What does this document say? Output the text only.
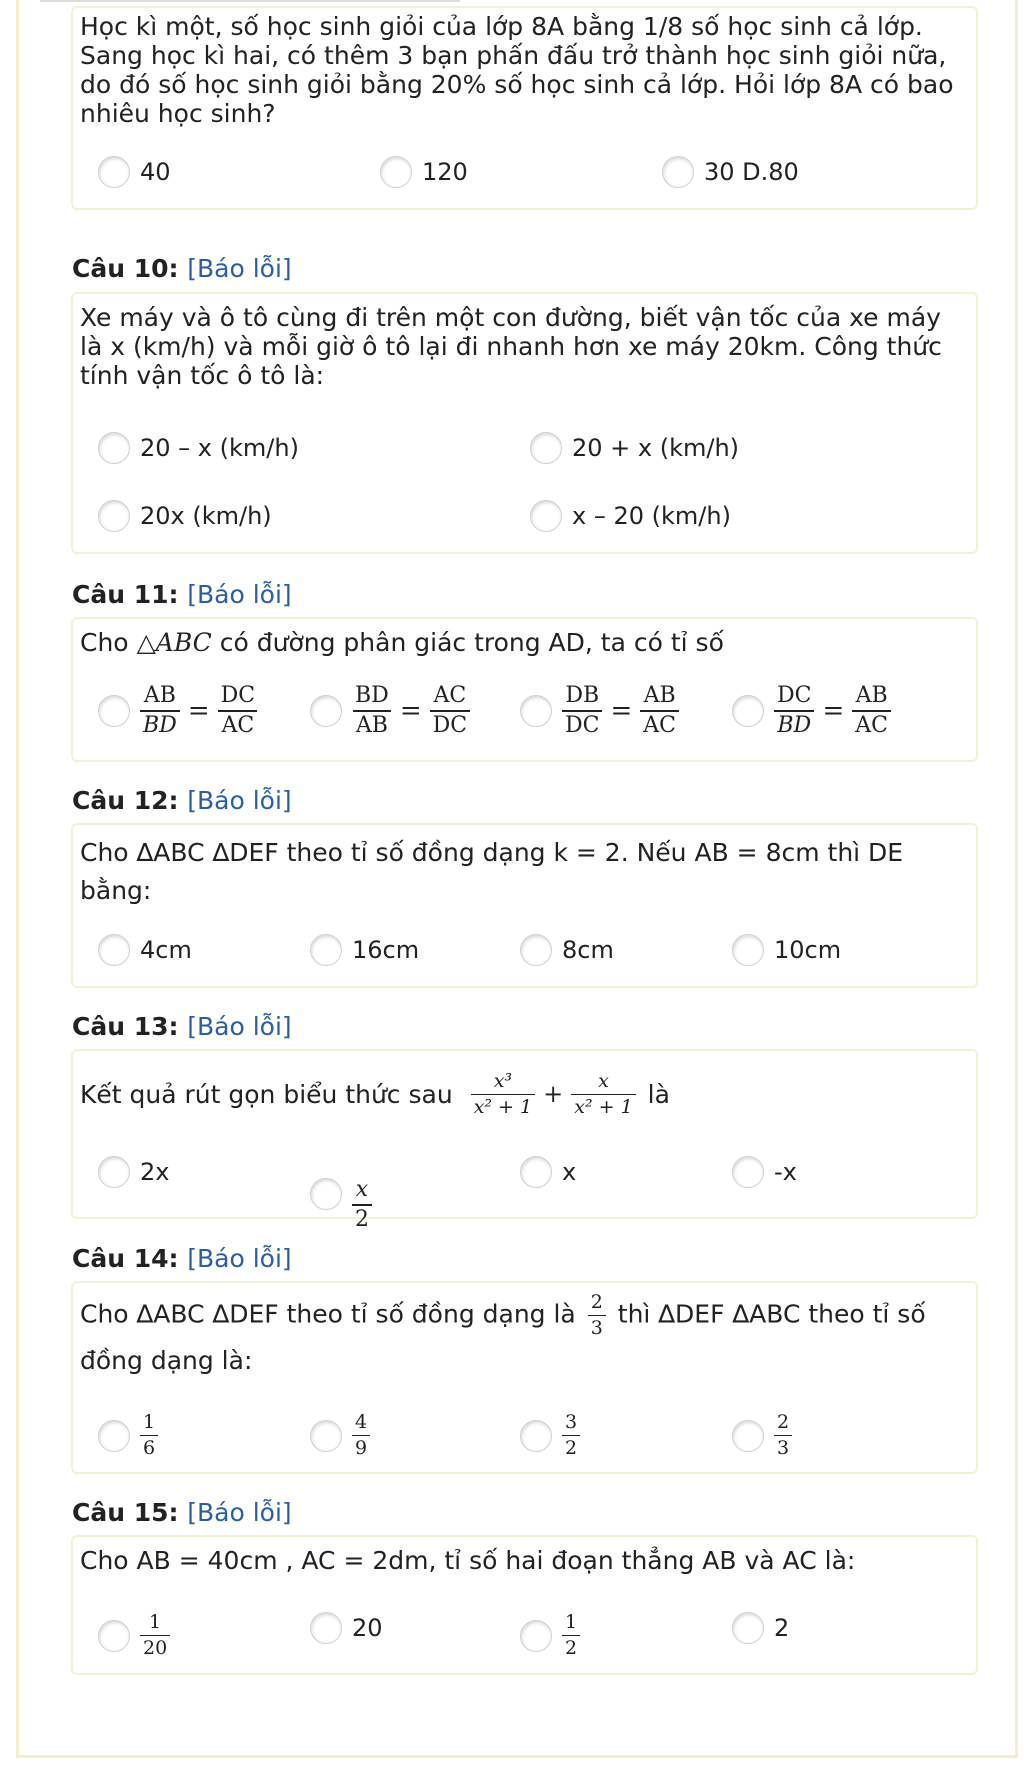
Học kì một, số học sinh giỏi của lớp 8A bằng 1/8 số học sinh cả lớp. Sang học kì hai, có thêm 3 bạn phấn đấu trở thành học sinh giỏi nữa, do đó số học sinh giỏi bằng 20% số học sinh cả lớp. Hỏi lớp 8A có bao nhiêu học sinh?

40	120	30 D.80
Câu 10: [Báo lỗi]

Xe máy và ô tô cùng đi trên một con đường, biết vận tốc của xe máy là x (km/h) và mỗi giờ ô tô lại đi nhanh hơn xe máy 20km. Công thức tính vận tốc ô tô là:

20 – x (km/h)	20 + x (km/h)
20x (km/h)	x – 20 (km/h)
Câu 11: [Báo lỗi]

Cho △ABC có đường phân giác trong AD, ta có tỉ số

$\frac{AB}{BD} = \frac{DC}{AC}$	$\frac{BD}{AB} = \frac{AC}{DC}$	$\frac{DB}{DC} = \frac{AB}{AC}$	$\frac{DC}{BD} = \frac{AB}{AC}$
Câu 12: [Báo lỗi]

Cho ∆ABC ∆DEF theo tỉ số đồng dạng k = 2. Nếu AB = 8cm thì DE bằng:

4cm	16cm	8cm	10cm
Câu 13: [Báo lỗi]
Kết quả rút gọn biểu thức sau $\frac{\text{x³}}{\text{x² + 1}} + \frac{x}{\text{x² + 1}}$ là
2x
$\frac{x}{2}$
x	-x
Câu 14: [Báo lỗi]
Cho ∆ABC ∆DEF theo tỉ số đồng dạng là $\frac{2}{3}$ thì ∆DEF ∆ABC theo tỉ số đồng dạng là:
$\frac{1}{6}$	$\frac{4}{9}$	$\frac{3}{2}$	$\frac{2}{3}$
Câu 15: [Báo lỗi]

Cho AB = 40cm , AC = 2dm, tỉ số hai đoạn thẳng AB và AC là:

$\frac{1}{20}$	20	$\frac{1}{2}$	2
